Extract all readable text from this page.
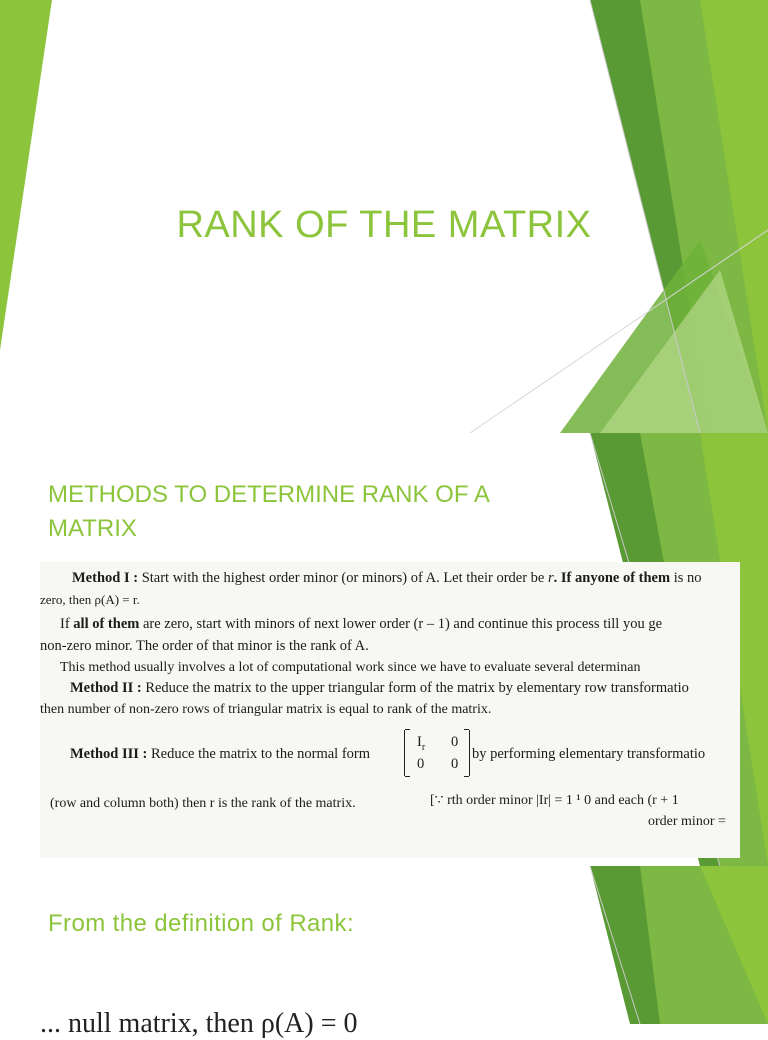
RANK OF THE MATRIX
METHODS TO DETERMINE RANK OF A MATRIX
Method I : Start with the highest order minor (or minors) of A. Let their order be r. If anyone of them is no
zero, then ρ(A) = r.
If all of them are zero, start with minors of next lower order (r – 1) and continue this process till you ge
non-zero minor. The order of that minor is the rank of A.
This method usually involves a lot of computational work since we have to evaluate several determinan
Method II : Reduce the matrix to the upper triangular form of the matrix by elementary row transformatio
then number of non-zero rows of triangular matrix is equal to rank of the matrix.
Method III : Reduce the matrix to the normal form
$I_r$ 0
0 0
by performing elementary transformatio
(row and column both) then r is the rank of the matrix.	[∵ rth order minor |Ir| = 1 ¹ 0 and each (r + 1
order minor =
From the definition of Rank:
... null matrix, then ρ(A) = 0
